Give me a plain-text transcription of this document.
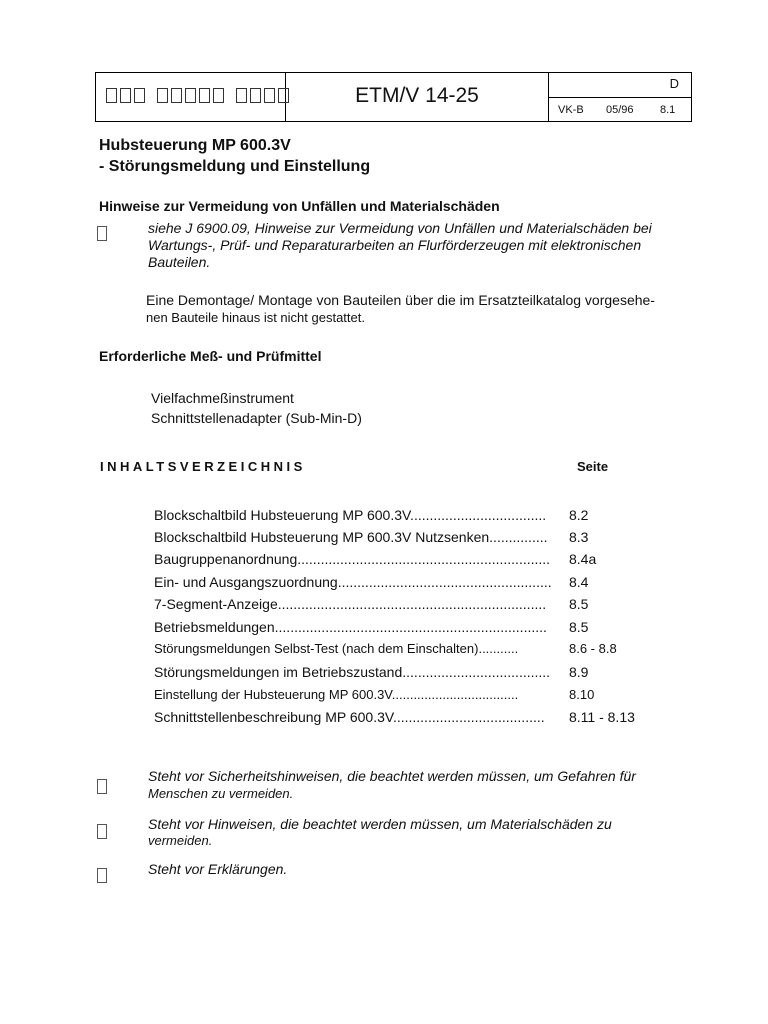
ETM/V 14-25
D
VK-B 05/96 8.1
Hubsteuerung MP 600.3V
- Störungsmeldung und Einstellung
Hinweise zur Vermeidung von Unfällen und Materialschäden
siehe J 6900.09, Hinweise zur Vermeidung von Unfällen und Materialschäden bei
Wartungs-, Prüf- und Reparaturarbeiten an Flurförderzeugen mit elektronischen
Bauteilen.
Eine Demontage/ Montage von Bauteilen über die im Ersatzteilkatalog vorgesehe-
nen Bauteile hinaus ist nicht gestattet.
Erforderliche Meß- und Prüfmittel
Vielfachmeßinstrument
Schnittstellenadapter (Sub-Min-D)
INHALTSVERZEICHNIS	Seite
Blockschaltbild Hubsteuerung MP 600.3V................................... 8.2
Blockschaltbild Hubsteuerung MP 600.3V Nutzsenken............... 8.3
Baugruppenanordnung................................................................. 8.4a
Ein- und Ausgangszuordnung....................................................... 8.4
7-Segment-Anzeige..................................................................... 8.5
Betriebsmeldungen...................................................................... 8.5
Störungsmeldungen Selbst-Test (nach dem Einschalten)...........	8.6 - 8.8
Störungsmeldungen im Betriebszustand...................................... 8.9
Einstellung der Hubsteuerung MP 600.3V...................................	8.10
Schnittstellenbeschreibung MP 600.3V....................................... 8.11 - 8.13
Steht vor Sicherheitshinweisen, die beachtet werden müssen, um Gefahren für
Menschen zu vermeiden.
Steht vor Hinweisen, die beachtet werden müssen, um Materialschäden zu
vermeiden.
Steht vor Erklärungen.
